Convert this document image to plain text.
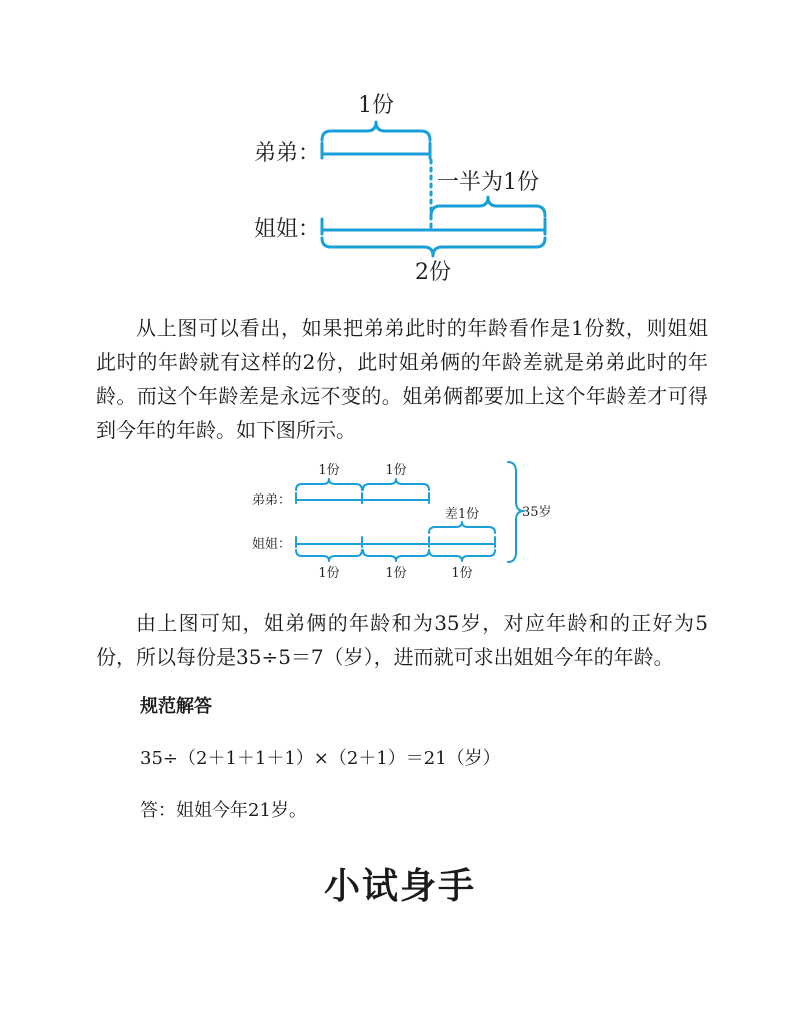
1份
弟弟：
一半为1份
姐姐：
2份

从上图可以看出，如果把弟弟此时的年龄看作是1份数，则姐姐此时的年龄就有这样的2份，此时姐弟俩的年龄差就是弟弟此时的年龄。而这个年龄差是永远不变的。姐弟俩都要加上这个年龄差才可得到今年的年龄。如下图所示。

1份	1份
弟弟：
差1份	35岁
姐姐：
1份	1份	1份

由上图可知，姐弟俩的年龄和为35岁，对应年龄和的正好为5份，所以每份是35÷5＝7（岁），进而就可求出姐姐今年的年龄。

规范解答

35÷（2＋1＋1＋1）×（2＋1）＝21（岁）

答：姐姐今年21岁。

小试身手
